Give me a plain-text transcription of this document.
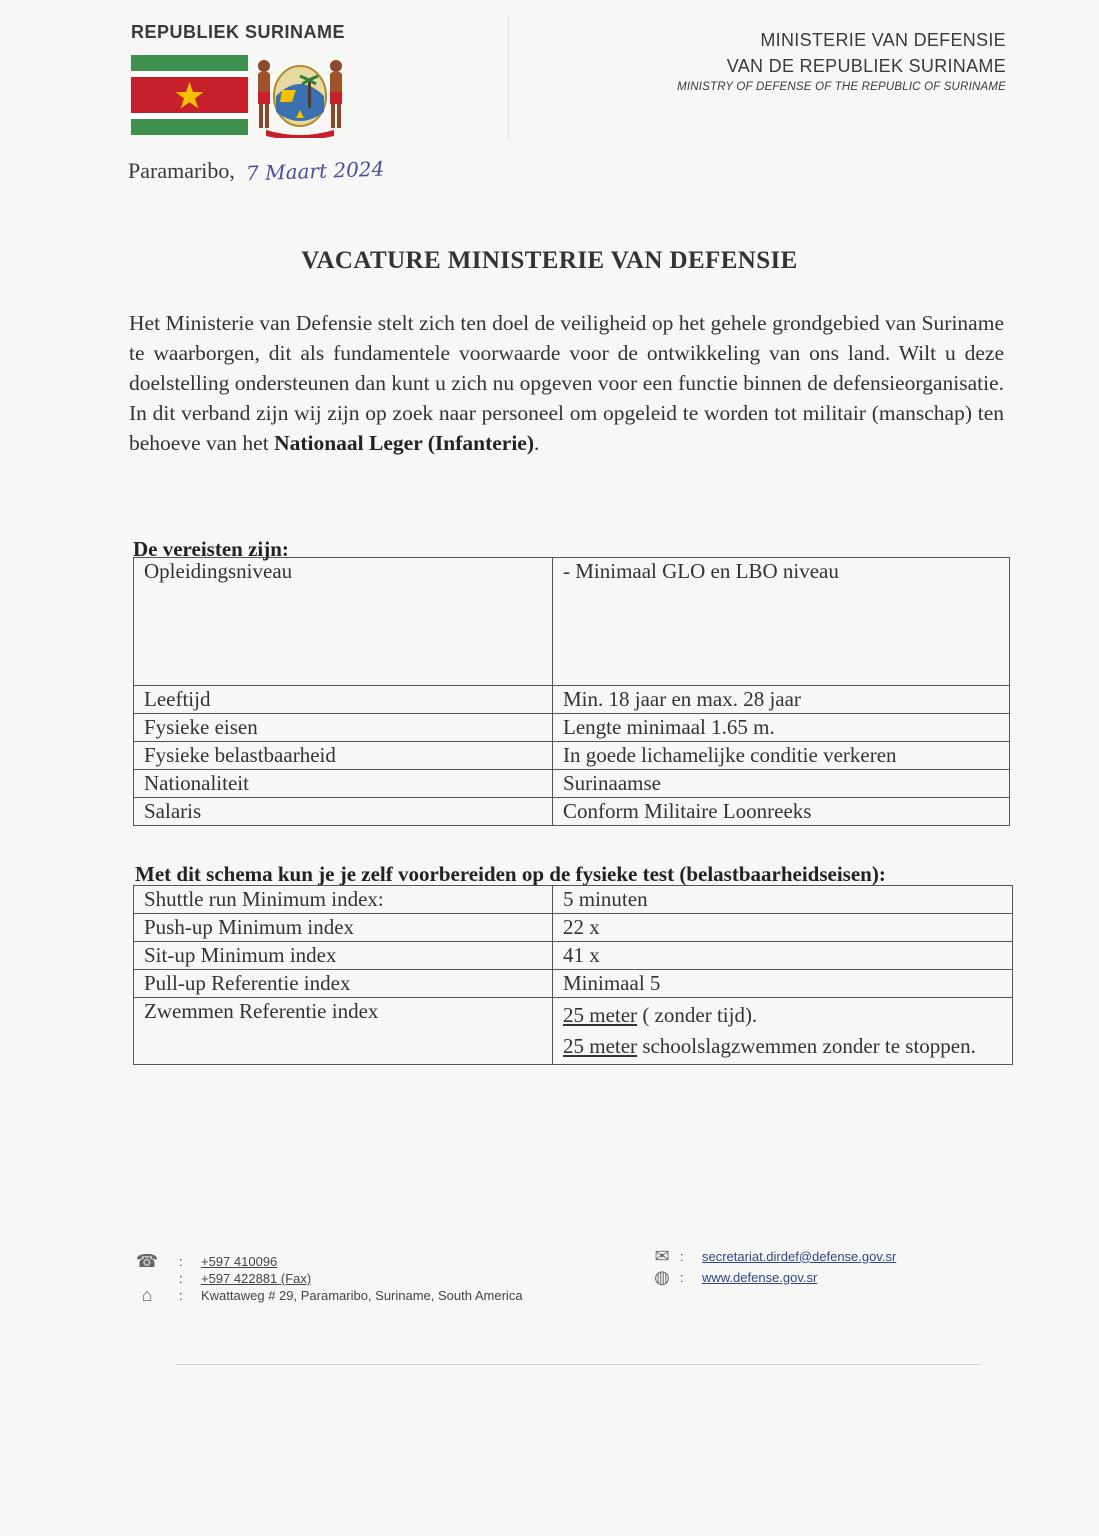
REPUBLIEK SURINAME	MINISTERIE VAN DEFENSIE
VAN DE REPUBLIEK SURINAME
MINISTRY OF DEFENSE OF THE REPUBLIC OF SURINAME
Paramaribo, 7 Maart 2024
VACATURE MINISTERIE VAN DEFENSIE
Het Ministerie van Defensie stelt zich ten doel de veiligheid op het gehele grondgebied van Suriname te waarborgen, dit als fundamentele voorwaarde voor de ontwikkeling van ons land. Wilt u deze doelstelling ondersteunen dan kunt u zich nu opgeven voor een functie binnen de defensieorganisatie. In dit verband zijn wij zijn op zoek naar personeel om opgeleid te worden tot militair (manschap) ten behoeve van het Nationaal Leger (Infanterie).
De vereisten zijn:
Opleidingsniveau	- Minimaal GLO en LBO niveau
Leeftijd	Min. 18 jaar en max. 28 jaar
Fysieke eisen	Lengte minimaal 1.65 m.
Fysieke belastbaarheid	In goede lichamelijke conditie verkeren
Nationaliteit	Surinaamse
Salaris	Conform Militaire Loonreeks
Met dit schema kun je je zelf voorbereiden op de fysieke test (belastbaarheidseisen):
Shuttle run Minimum index:	5 minuten
Push-up Minimum index	22 x
Sit-up Minimum index	41 x
Pull-up Referentie index	Minimaal 5
Zwemmen Referentie index	25 meter ( zonder tijd).
25 meter schoolslagzwemmen zonder te stoppen.
☎ :	+597 410096
:	+597 422881 (Fax)
⌂	:	Kwattaweg # 29, Paramaribo, Suriname, South America
✉ :	secretariat.dirdef@defense.gov.sr
◍ :	www.defense.gov.sr
